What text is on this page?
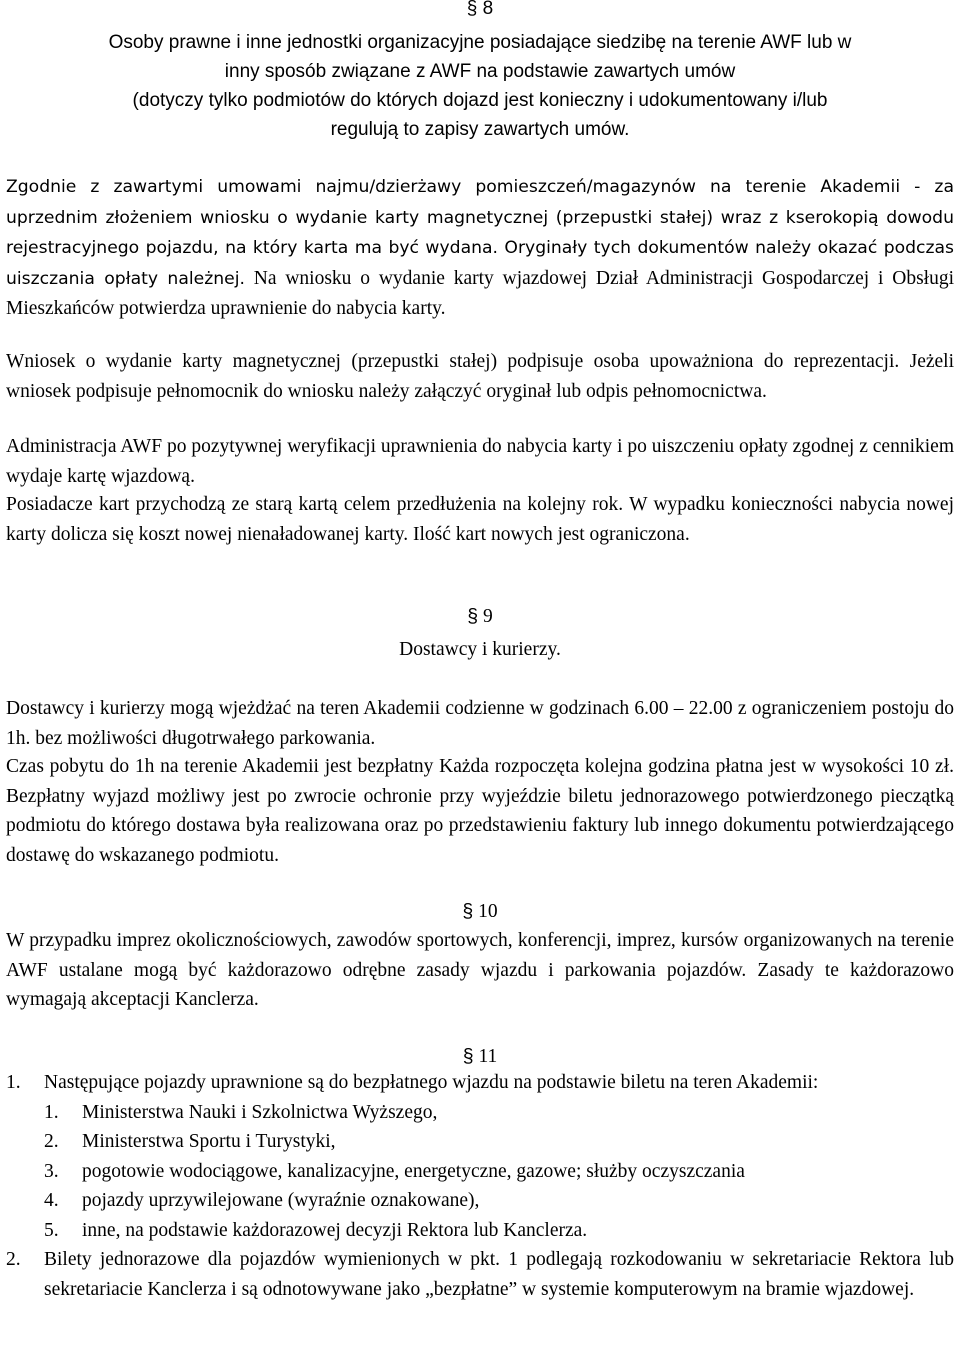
§ 8
Osoby prawne i inne jednostki organizacyjne posiadające siedzibę na terenie AWF lub w
inny sposób związane z AWF na podstawie zawartych umów
(dotyczy tylko podmiotów do których dojazd jest konieczny i udokumentowany i/lub
regulują to zapisy zawartych umów.

Zgodnie z zawartymi umowami najmu/dzierżawy pomieszczeń/magazynów na terenie Akademii - za uprzednim złożeniem wniosku o wydanie karty magnetycznej (przepustki stałej) wraz z kserokopią dowodu rejestracyjnego pojazdu, na który karta ma być wydana. Oryginały tych dokumentów należy okazać podczas uiszczania opłaty należnej. Na wniosku o wydanie karty wjazdowej Dział Administracji Gospodarczej i Obsługi Mieszkańców potwierdza uprawnienie do nabycia karty.

Wniosek o wydanie karty magnetycznej (przepustki stałej) podpisuje osoba upoważniona do reprezentacji. Jeżeli wniosek podpisuje pełnomocnik do wniosku należy załączyć oryginał lub odpis pełnomocnictwa.

Administracja AWF po pozytywnej weryfikacji uprawnienia do nabycia karty i po uiszczeniu opłaty zgodnej z cennikiem wydaje kartę wjazdową.

Posiadacze kart przychodzą ze starą kartą celem przedłużenia na kolejny rok. W wypadku konieczności nabycia nowej karty dolicza się koszt nowej nienaładowanej karty. Ilość kart nowych jest ograniczona.

§ 9
Dostawcy i kurierzy.

Dostawcy i kurierzy mogą wjeżdżać na teren Akademii codzienne w godzinach 6.00 – 22.00 z ograniczeniem postoju do 1h. bez możliwości długotrwałego parkowania.

Czas pobytu do 1h na terenie Akademii jest bezpłatny Każda rozpoczęta kolejna godzina płatna jest w wysokości 10 zł. Bezpłatny wyjazd możliwy jest po zwrocie ochronie przy wyjeździe biletu jednorazowego potwierdzonego pieczątką podmiotu do którego dostawa była realizowana oraz po przedstawieniu faktury lub innego dokumentu potwierdzającego dostawę do wskazanego podmiotu.

§ 10

W przypadku imprez okolicznościowych, zawodów sportowych, konferencji, imprez, kursów organizowanych na terenie AWF ustalane mogą być każdorazowo odrębne zasady wjazdu i parkowania pojazdów. Zasady te każdorazowo wymagają akceptacji Kanclerza.

§ 11
1. Następujące pojazdy uprawnione są do bezpłatnego wjazdu na podstawie biletu na teren Akademii:
1. Ministerstwa Nauki i Szkolnictwa Wyższego,
2. Ministerstwa Sportu i Turystyki,
3. pogotowie wodociągowe, kanalizacyjne, energetyczne, gazowe; służby oczyszczania
4. pojazdy uprzywilejowane (wyraźnie oznakowane),
5. inne, na podstawie każdorazowej decyzji Rektora lub Kanclerza.
2. Bilety jednorazowe dla pojazdów wymienionych w pkt. 1 podlegają rozkodowaniu w sekretariacie Rektora lub sekretariacie Kanclerza i są odnotowywane jako „bezpłatne” w systemie komputerowym na bramie wjazdowej.
